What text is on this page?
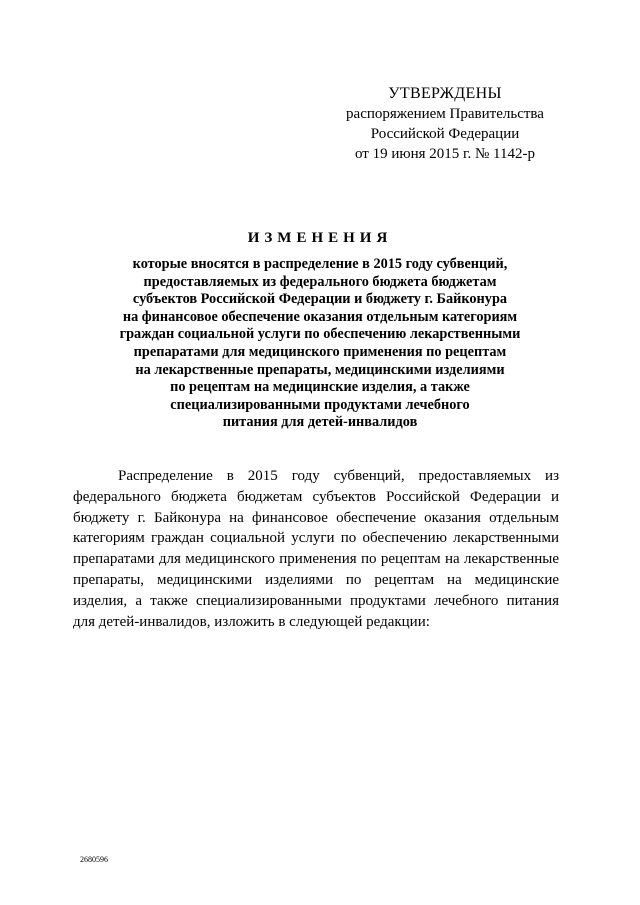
УТВЕРЖДЕНЫ
распоряжением Правительства
Российской Федерации
от 19 июня 2015 г. № 1142-р
ИЗМЕНЕНИЯ
которые вносятся в распределение в 2015 году субвенций,
предоставляемых из федерального бюджета бюджетам
субъектов Российской Федерации и бюджету г. Байконура
на финансовое обеспечение оказания отдельным категориям
граждан социальной услуги по обеспечению лекарственными
препаратами для медицинского применения по рецептам
на лекарственные препараты, медицинскими изделиями
по рецептам на медицинские изделия, а также
специализированными продуктами лечебного
питания для детей-инвалидов
Распределение в 2015 году субвенций, предоставляемых из
федерального бюджета бюджетам субъектов Российской Федерации и
бюджету г. Байконура на финансовое обеспечение оказания отдельным
категориям граждан социальной услуги по обеспечению лекарственными
препаратами для медицинского применения по рецептам на лекарственные
препараты, медицинскими изделиями по рецептам на медицинские
изделия, а также специализированными продуктами лечебного питания
для детей-инвалидов, изложить в следующей редакции:
2680596
